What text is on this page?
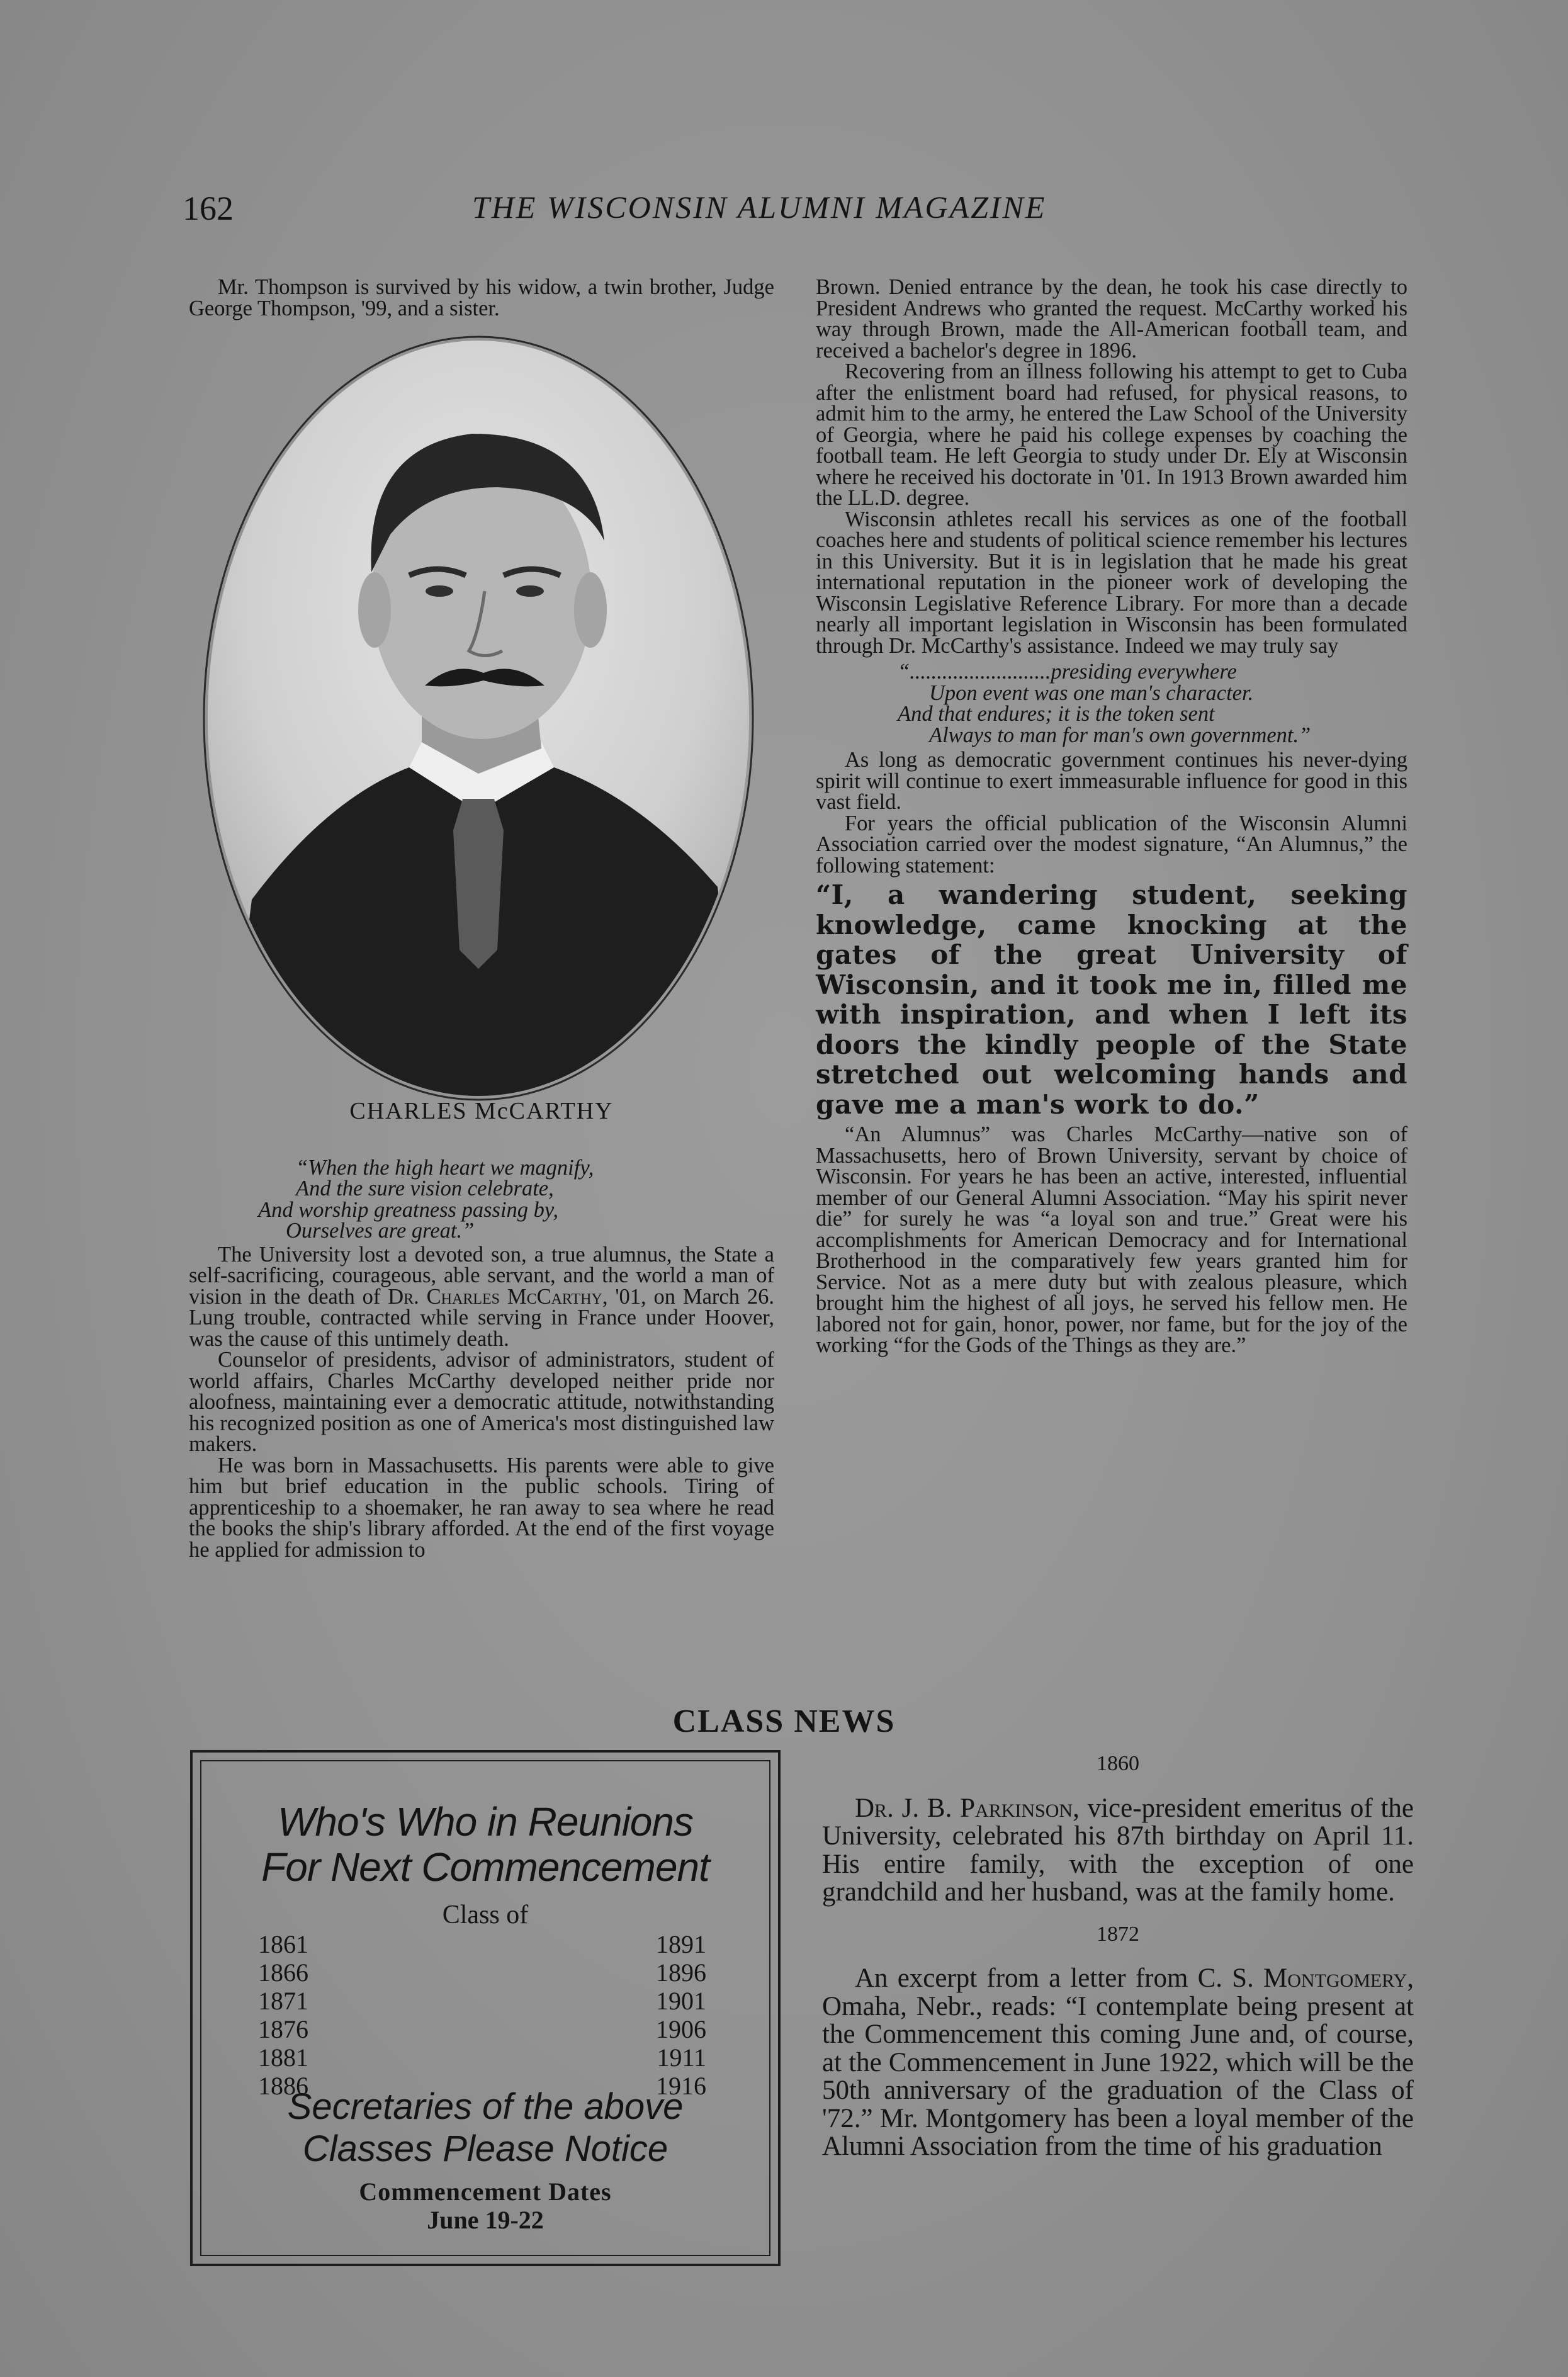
162	THE WISCONSIN ALUMNI MAGAZINE

Mr. Thompson is survived by his widow, a twin brother, Judge George Thompson, '99, and a sister.

CHARLES McCARTHY
“When the high heart we magnify,
And the sure vision celebrate,
And worship greatness passing by,
Ourselves are great.”

The University lost a devoted son, a true alumnus, the State a self-sacrificing, courageous, able servant, and the world a man of vision in the death of Dr. Charles McCarthy, '01, on March 26. Lung trouble, contracted while serving in France under Hoover, was the cause of this untimely death.

Counselor of presidents, advisor of administrators, student of world affairs, Charles McCarthy developed neither pride nor aloofness, maintaining ever a democratic attitude, notwithstanding his recognized position as one of America's most distinguished law makers.

He was born in Massachusetts. His parents were able to give him but brief education in the public schools. Tiring of apprenticeship to a shoemaker, he ran away to sea where he read the books the ship's library afforded. At the end of the first voyage he applied for admission to

Brown. Denied entrance by the dean, he took his case directly to President Andrews who granted the request. McCarthy worked his way through Brown, made the All-American football team, and received a bachelor's degree in 1896.

Recovering from an illness following his attempt to get to Cuba after the enlistment board had refused, for physical reasons, to admit him to the army, he entered the Law School of the University of Georgia, where he paid his college expenses by coaching the football team. He left Georgia to study under Dr. Ely at Wisconsin where he received his doctorate in '01. In 1913 Brown awarded him the LL.D. degree.

Wisconsin athletes recall his services as one of the football coaches here and students of political science remember his lectures in this University. But it is in legislation that he made his great international reputation in the pioneer work of developing the Wisconsin Legislative Reference Library. For more than a decade nearly all important legislation in Wisconsin has been formulated through Dr. McCarthy's assistance. Indeed we may truly say

“..........................presiding everywhere
Upon event was one man's character.
And that endures; it is the token sent
Always to man for man's own government.”

As long as democratic government continues his never-dying spirit will continue to exert immeasurable influence for good in this vast field.

For years the official publication of the Wisconsin Alumni Association carried over the modest signature, “An Alumnus,” the following statement:

“I, a wandering student, seeking knowledge, came knocking at the gates of the great University of Wisconsin, and it took me in, filled me with inspiration, and when I left its doors the kindly people of the State stretched out welcoming hands and gave me a man's work to do.”

“An Alumnus” was Charles McCarthy—native son of Massachusetts, hero of Brown University, servant by choice of Wisconsin. For years he has been an active, interested, influential member of our General Alumni Association. “May his spirit never die” for surely he was “a loyal son and true.” Great were his accomplishments for American Democracy and for International Brotherhood in the comparatively few years granted him for Service. Not as a mere duty but with zealous pleasure, which brought him the highest of all joys, he served his fellow men. He labored not for gain, honor, power, nor fame, but for the joy of the working “for the Gods of the Things as they are.”

CLASS NEWS
Who's Who in Reunions
For Next Commencement
Class of
1861
1866
1871
1876
1881
1886
1891
1896
1901
1906
1911
1916
Secretaries of the above
Classes Please Notice
Commencement Dates
June 19-22
1860

Dr. J. B. Parkinson, vice-president emeritus of the University, celebrated his 87th birthday on April 11. His entire family, with the exception of one grandchild and her husband, was at the family home.

1872

An excerpt from a letter from C. S. Montgomery, Omaha, Nebr., reads: “I contemplate being present at the Commencement this coming June and, of course, at the Commencement in June 1922, which will be the 50th anniversary of the graduation of the Class of '72.” Mr. Montgomery has been a loyal member of the Alumni Association from the time of his graduation
